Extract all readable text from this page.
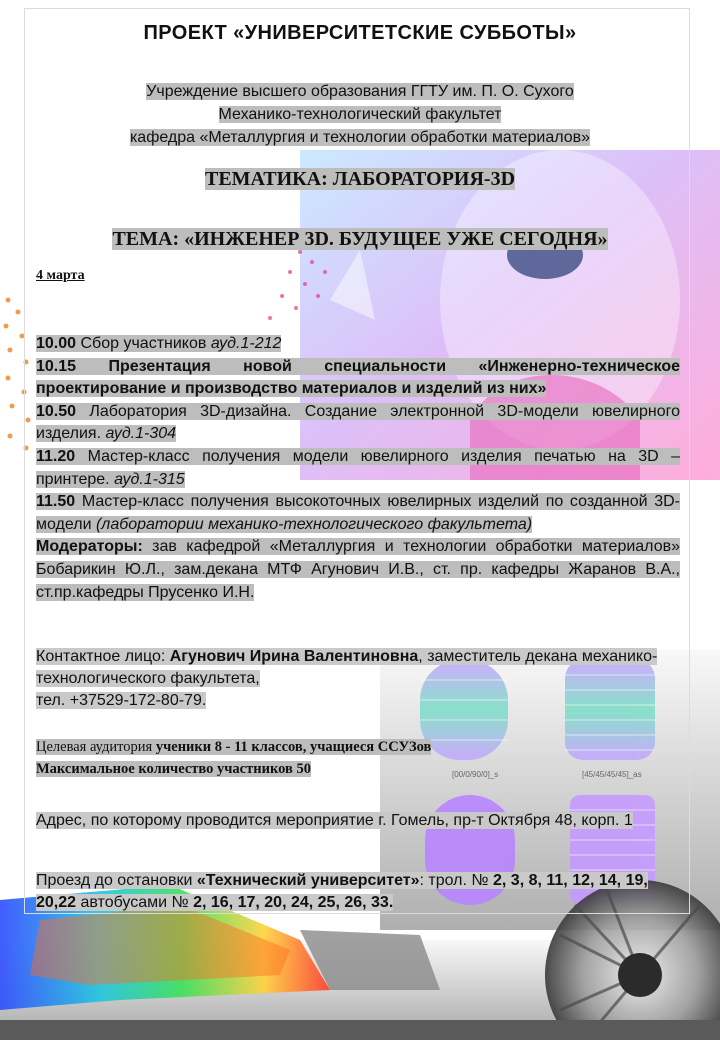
ПРОЕКТ «УНИВЕРСИТЕТСКИЕ СУББОТЫ»
Учреждение высшего образования ГГТУ им. П. О. Сухого
Механико-технологический факультет
кафедра «Металлургия и технологии обработки материалов»
ТЕМАТИКА: ЛАБОРАТОРИЯ-3D
ТЕМА: «ИНЖЕНЕР 3D. БУДУЩЕЕ УЖЕ СЕГОДНЯ»
4 марта

10.00 Сбор участников ауд.1-212

10.15 Презентация новой специальности «Инженерно-техническое проектирование и производство материалов и изделий из них»

10.50 Лаборатория 3D-дизайна. Создание электронной 3D-модели ювелирного изделия. ауд.1-304

11.20 Мастер-класс получения модели ювелирного изделия печатью на 3D – принтере. ауд.1-315

11.50 Мастер-класс получения высокоточных ювелирных изделий по созданной 3D-модели (лаборатории механико-технологического факультета)

Модераторы: зав кафедрой «Металлургия и технологии обработки материалов» Бобарикин Ю.Л., зам.декана МТФ Агунович И.В., ст. пр. кафедры Жаранов В.А., ст.пр.кафедры Прусенко И.Н.

Контактное лицо: Агунович Ирина Валентиновна, заместитель декана механико-технологического факультета,
тел. +37529-172-80-79.
Целевая аудитория ученики 8 - 11 классов, учащиеся ССУЗов
Максимальное количество участников 50	[00/0/90/0]_s	[45/45/45/45]_as
Адрес, по которому проводится мероприятие г. Гомель, пр-т Октября 48, корп. 1
Проезд до остановки «Технический университет»: трол. № 2, 3, 8, 11, 12, 14, 19, 20,22 автобусами № 2, 16, 17, 20, 24, 25, 26, 33.
